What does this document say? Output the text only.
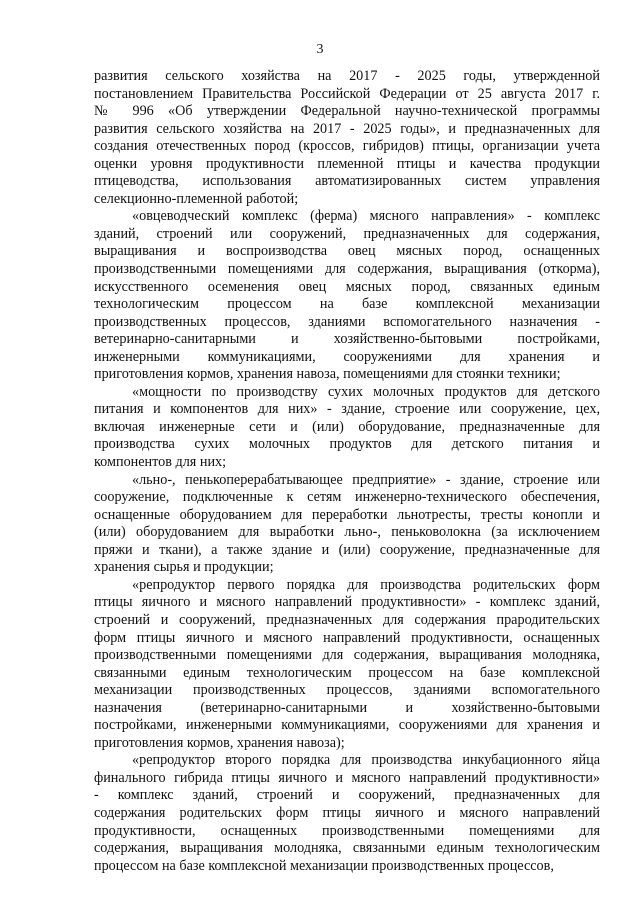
3
развития сельского хозяйства на 2017 - 2025 годы, утвержденной
постановлением Правительства Российской Федерации от 25 августа 2017 г.
№ 996 «Об утверждении Федеральной научно-технической программы
развития сельского хозяйства на 2017 - 2025 годы», и предназначенных для
создания отечественных пород (кроссов, гибридов) птицы, организации учета
оценки уровня продуктивности племенной птицы и качества продукции
птицеводства, использования автоматизированных систем управления
селекционно-племенной работой;
«овцеводческий комплекс (ферма) мясного направления» - комплекс
зданий, строений или сооружений, предназначенных для содержания,
выращивания и воспроизводства овец мясных пород, оснащенных
производственными помещениями для содержания, выращивания (откорма),
искусственного осеменения овец мясных пород, связанных единым
технологическим процессом на базе комплексной механизации
производственных процессов, зданиями вспомогательного назначения -
ветеринарно-санитарными и хозяйственно-бытовыми постройками,
инженерными коммуникациями, сооружениями для хранения и
приготовления кормов, хранения навоза, помещениями для стоянки техники;
«мощности по производству сухих молочных продуктов для детского
питания и компонентов для них» - здание, строение или сооружение, цех,
включая инженерные сети и (или) оборудование, предназначенные для
производства сухих молочных продуктов для детского питания и
компонентов для них;
«льно-, пенькоперерабатывающее предприятие» - здание, строение или
сооружение, подключенные к сетям инженерно-технического обеспечения,
оснащенные оборудованием для переработки льнотресты, тресты конопли и
(или) оборудованием для выработки льно-, пеньковолокна (за исключением
пряжи и ткани), а также здание и (или) сооружение, предназначенные для
хранения сырья и продукции;
«репродуктор первого порядка для производства родительских форм
птицы яичного и мясного направлений продуктивности» - комплекс зданий,
строений и сооружений, предназначенных для содержания прародительских
форм птицы яичного и мясного направлений продуктивности, оснащенных
производственными помещениями для содержания, выращивания молодняка,
связанными единым технологическим процессом на базе комплексной
механизации производственных процессов, зданиями вспомогательного
назначения (ветеринарно-санитарными и хозяйственно-бытовыми
постройками, инженерными коммуникациями, сооружениями для хранения и
приготовления кормов, хранения навоза);
«репродуктор второго порядка для производства инкубационного яйца
финального гибрида птицы яичного и мясного направлений продуктивности»
- комплекс зданий, строений и сооружений, предназначенных для
содержания родительских форм птицы яичного и мясного направлений
продуктивности, оснащенных производственными помещениями для
содержания, выращивания молодняка, связанными единым технологическим
процессом на базе комплексной механизации производственных процессов,
